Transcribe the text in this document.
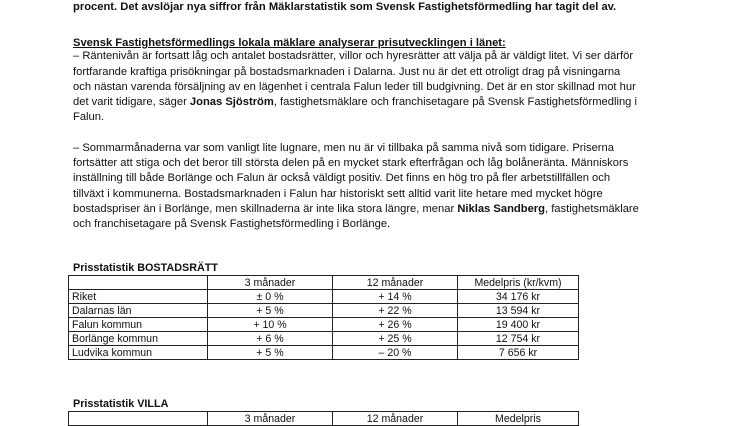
procent. Det avslöjar nya siffror från Mäklarstatistik som Svensk Fastighetsförmedling har tagit del av.
Svensk Fastighetsförmedlings lokala mäklare analyserar prisutvecklingen i länet:
– Räntenivån är fortsatt låg och antalet bostadsrätter, villor och hyresrätter att välja på är väldigt litet. Vi ser därför
fortfarande kraftiga prisökningar på bostadsmarknaden i Dalarna. Just nu är det ett otroligt drag på visningarna
och nästan varenda försäljning av en lägenhet i centrala Falun leder till budgivning. Det är en stor skillnad mot hur
det varit tidigare, säger Jonas Sjöström, fastighetsmäklare och franchisetagare på Svensk Fastighetsförmedling i
Falun.
– Sommarmånaderna var som vanligt lite lugnare, men nu är vi tillbaka på samma nivå som tidigare. Priserna
fortsätter att stiga och det beror till största delen på en mycket stark efterfrågan och låg bolåneränta. Människors
inställning till både Borlänge och Falun är också väldigt positiv. Det finns en hög tro på fler arbetstillfällen och
tillväxt i kommunerna. Bostadsmarknaden i Falun har historiskt sett alltid varit lite hetare med mycket högre
bostadspriser än i Borlänge, men skillnaderna är inte lika stora längre, menar Niklas Sandberg, fastighetsmäklare
och franchisetagare på Svensk Fastighetsförmedling i Borlänge.
Prisstatistik BOSTADSRÄTT
	3 månader	12 månader	Medelpris (kr/kvm)
Riket	± 0 %	+ 14 %	34 176 kr
Dalarnas län	+ 5 %	+ 22 %	13 594 kr
Falun kommun	+ 10 %	+ 26 %	19 400 kr
Borlänge kommun	+ 6 %	+ 25 %	12 754 kr
Ludvika kommun	+ 5 %	– 20 %	7 656 kr
Prisstatistik VILLA
	3 månader	12 månader	Medelpris
